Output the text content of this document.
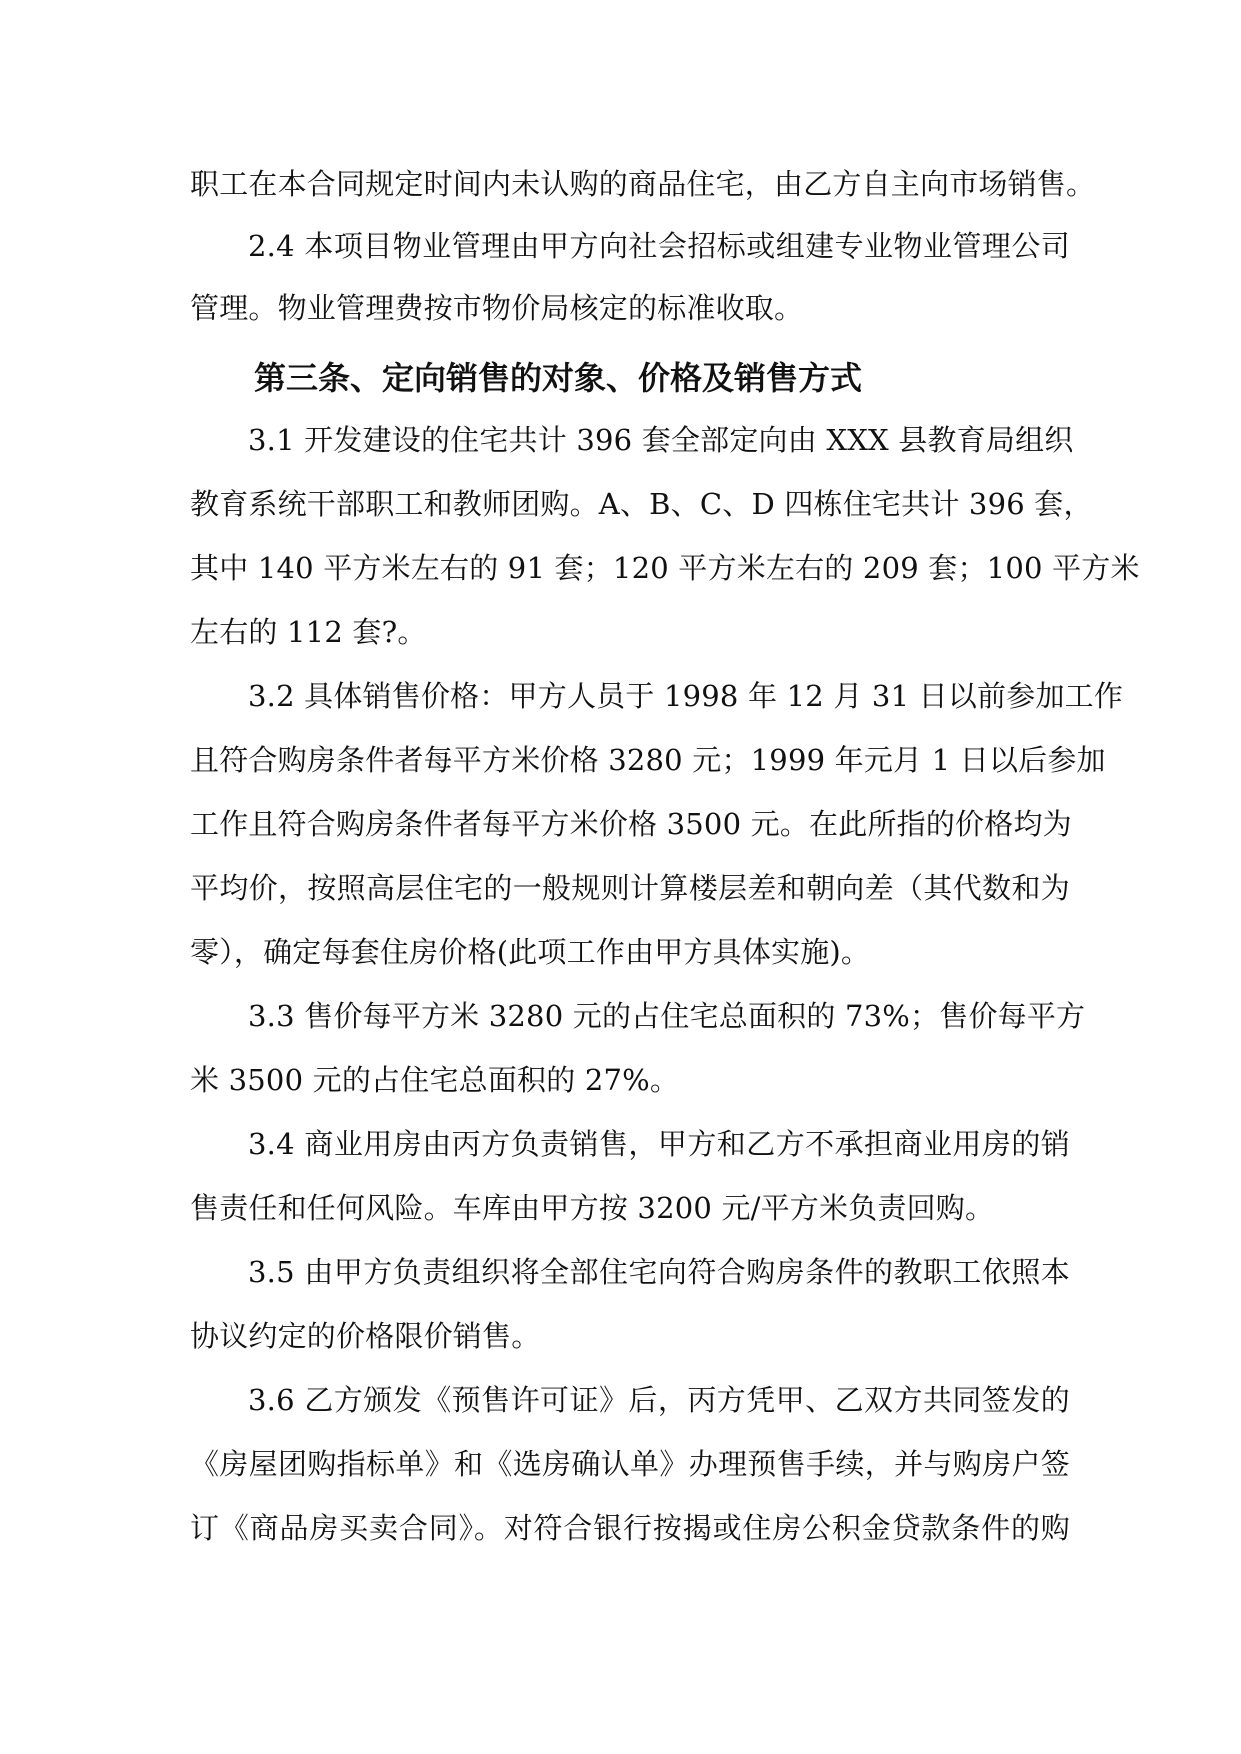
职工在本合同规定时间内未认购的商品住宅，由乙方自主向市场销售。
2.4 本项目物业管理由甲方向社会招标或组建专业物业管理公司
管理。物业管理费按市物价局核定的标准收取。
第三条、定向销售的对象、价格及销售方式
3.1 开发建设的住宅共计 396 套全部定向由 XXX 县教育局组织
教育系统干部职工和教师团购。A、B、C、D 四栋住宅共计 396 套，
其中 140 平方米左右的 91 套；120 平方米左右的 209 套；100 平方米
左右的 112 套?。
3.2 具体销售价格：甲方人员于 1998 年 12 月 31 日以前参加工作
且符合购房条件者每平方米价格 3280 元；1999 年元月 1 日以后参加
工作且符合购房条件者每平方米价格 3500 元。在此所指的价格均为
平均价，按照高层住宅的一般规则计算楼层差和朝向差（其代数和为
零），确定每套住房价格(此项工作由甲方具体实施)。
3.3 售价每平方米 3280 元的占住宅总面积的 73%；售价每平方
米 3500 元的占住宅总面积的 27%。
3.4 商业用房由丙方负责销售，甲方和乙方不承担商业用房的销
售责任和任何风险。车库由甲方按 3200 元/平方米负责回购。
3.5 由甲方负责组织将全部住宅向符合购房条件的教职工依照本
协议约定的价格限价销售。
3.6 乙方颁发《预售许可证》后，丙方凭甲、乙双方共同签发的
《房屋团购指标单》和《选房确认单》办理预售手续，并与购房户签
订《商品房买卖合同》。对符合银行按揭或住房公积金贷款条件的购
